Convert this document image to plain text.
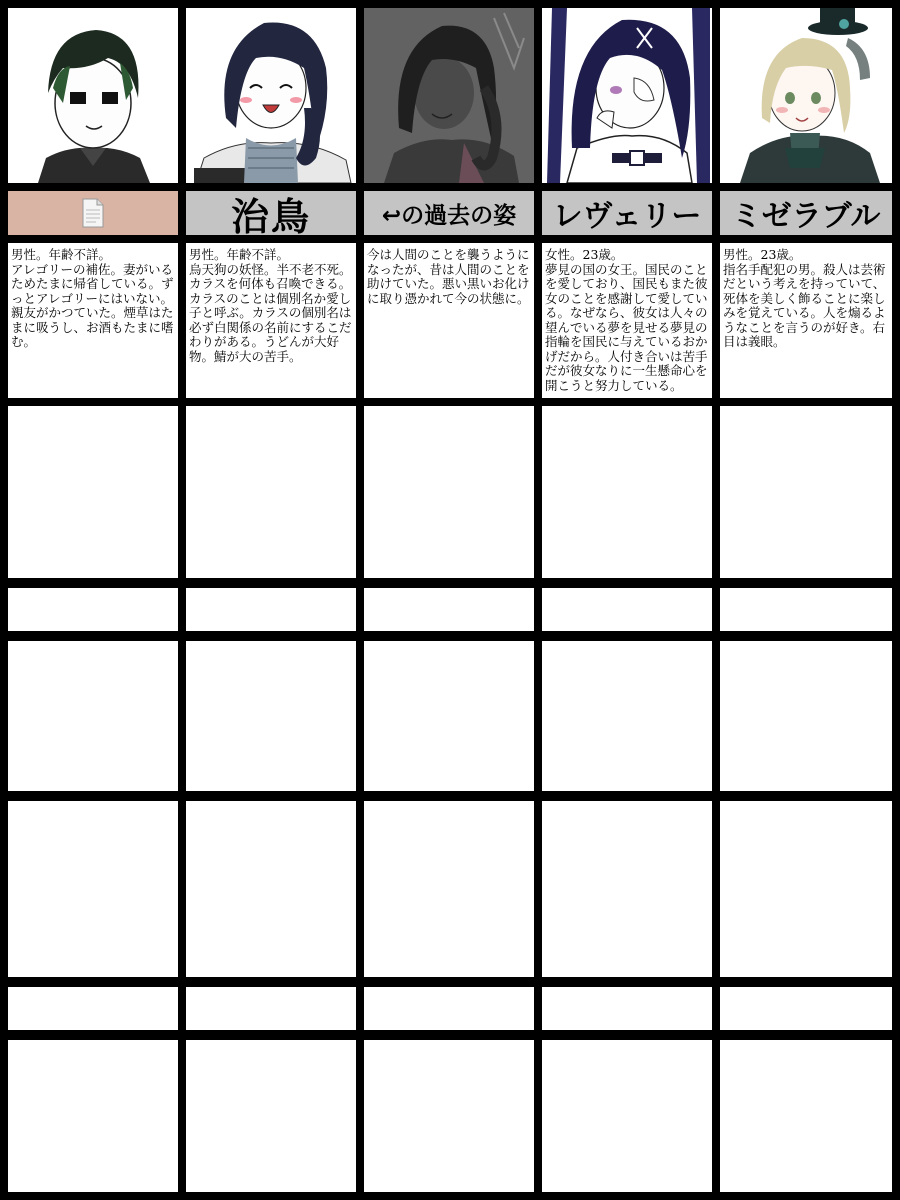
治鳥	↩の過去の姿 レヴェリー ミゼラブル
男性。年齢不詳。
アレゴリーの補佐。妻がいるためたまに帰省している。ずっとアレゴリーにはいない。親友がかつていた。煙草はたまに吸うし、お酒もたまに嗜む。
男性。年齢不詳。
烏天狗の妖怪。半不老不死。カラスを何体も召喚できる。カラスのことは個別名か愛し子と呼ぶ。カラスの個別名は必ず白関係の名前にするこだわりがある。うどんが大好物。鯖が大の苦手。
今は人間のことを襲うようになったが、昔は人間のことを助けていた。悪い黒いお化けに取り憑かれて今の状態に。
女性。23歳。
夢見の国の女王。国民のことを愛しており、国民もまた彼女のことを感謝して愛している。なぜなら、彼女は人々の望んでいる夢を見せる夢見の指輪を国民に与えているおかげだから。人付き合いは苦手だが彼女なりに一生懸命心を開こうと努力している。
男性。23歳。
指名手配犯の男。殺人は芸術だという考えを持っていて、死体を美しく飾ることに楽しみを覚えている。人を煽るようなことを言うのが好き。右目は義眼。
